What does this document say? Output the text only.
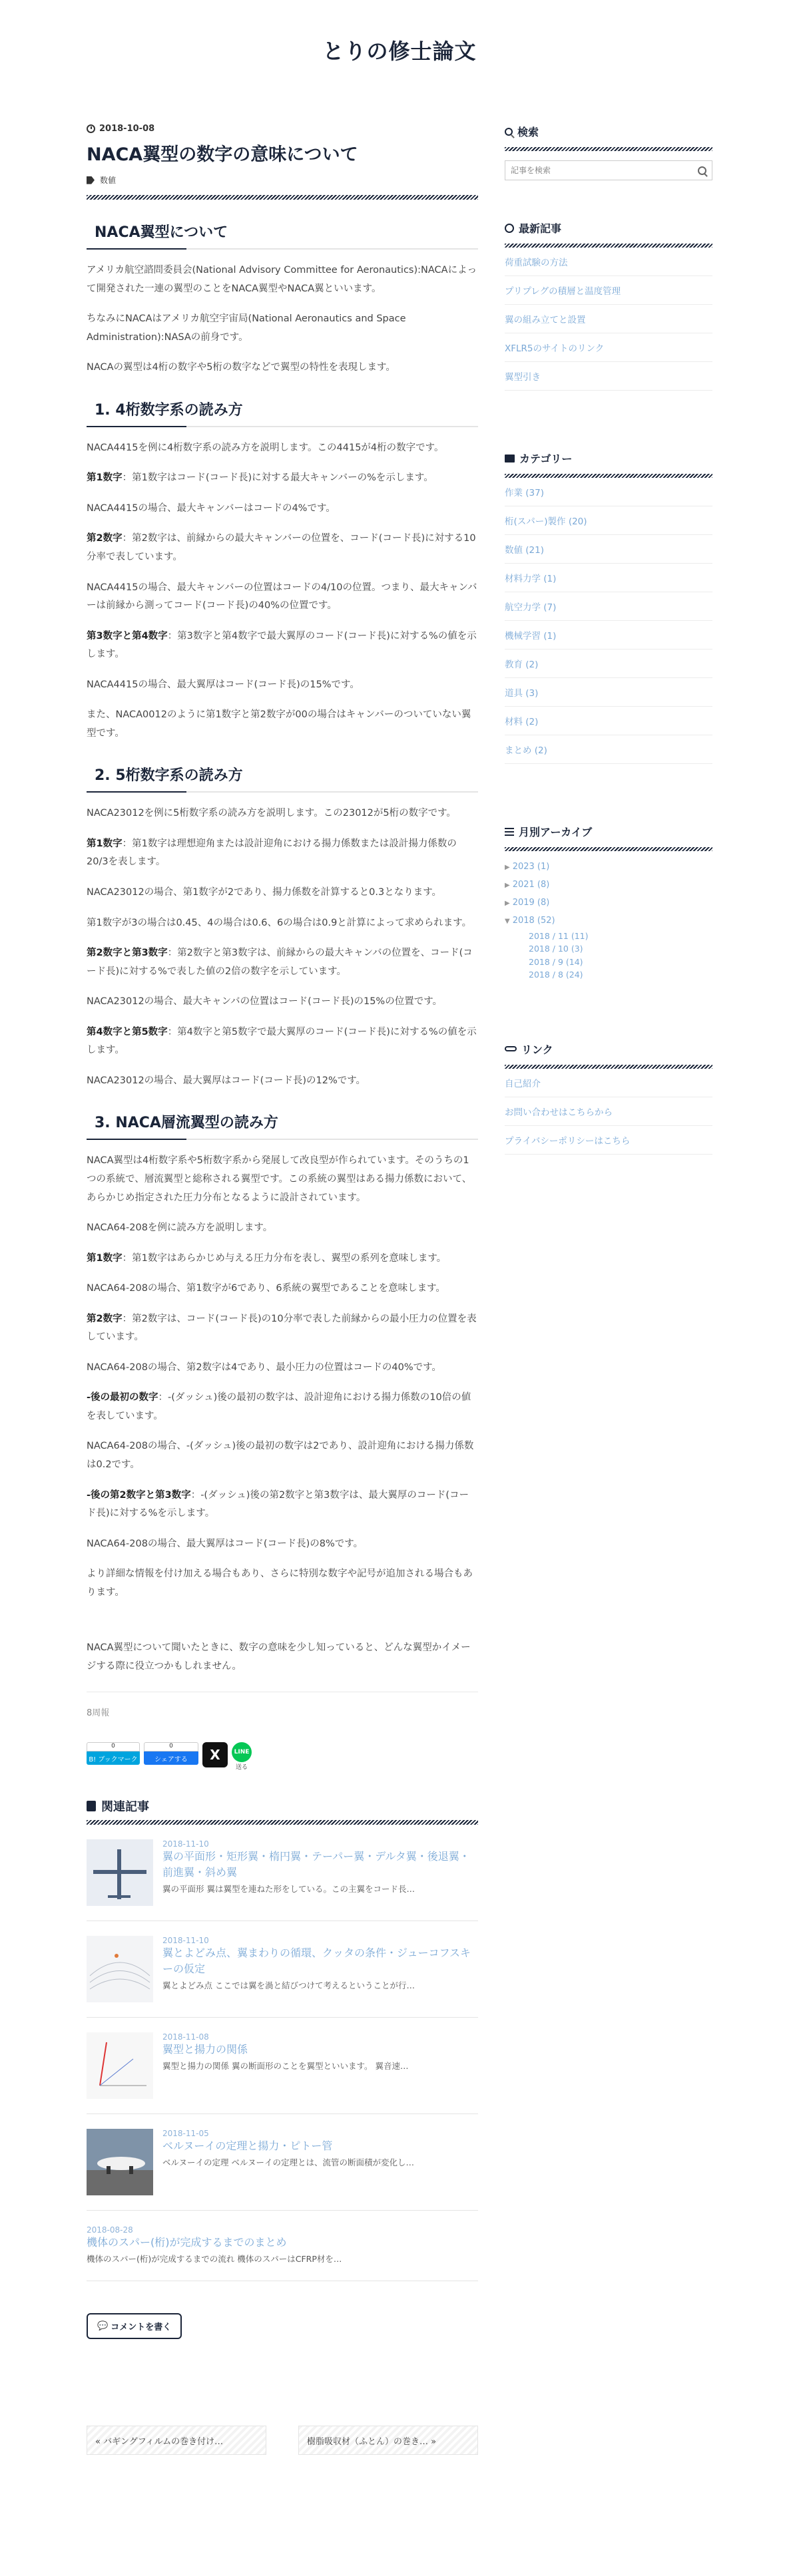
とりの修士論文
2018-10-08
NACA翼型の数字の意味について
数値
NACA翼型について

アメリカ航空諮問委員会(National Advisory Committee for Aeronautics):NACAによって開発された一連の翼型のことをNACA翼型やNACA翼といいます。

ちなみにNACAはアメリカ航空宇宙局(National Aeronautics and Space Administration):NASAの前身です。

NACAの翼型は4桁の数字や5桁の数字などで翼型の特性を表現します。

1. 4桁数字系の読み方

NACA4415を例に4桁数字系の読み方を説明します。この4415が4桁の数字です。

第1数字：第1数字はコード(コード長)に対する最大キャンバーの%を示します。

NACA4415の場合、最大キャンバーはコードの4%です。

第2数字：第2数字は、前縁からの最大キャンバーの位置を、コード(コード長)に対する10分率で表しています。

NACA4415の場合、最大キャンバーの位置はコードの4/10の位置。つまり、最大キャンバーは前縁から測ってコード(コード長)の40%の位置です。

第3数字と第4数字：第3数字と第4数字で最大翼厚のコード(コード長)に対する%の値を示します。

NACA4415の場合、最大翼厚はコード(コード長)の15%です。

また、NACA0012のように第1数字と第2数字が00の場合はキャンバーのついていない翼型です。

2. 5桁数字系の読み方

NACA23012を例に5桁数字系の読み方を説明します。この23012が5桁の数字です。

第1数字：第1数字は理想迎角または設計迎角における揚力係数または設計揚力係数の20/3を表します。

NACA23012の場合、第1数字が2であり、揚力係数を計算すると0.3となります。

第1数字が3の場合は0.45、4の場合は0.6、6の場合は0.9と計算によって求められます。

第2数字と第3数字：第2数字と第3数字は、前縁からの最大キャンバの位置を、コード(コード長)に対する%で表した値の2倍の数字を示しています。

NACA23012の場合、最大キャンバの位置はコード(コード長)の15%の位置です。

第4数字と第5数字：第4数字と第5数字で最大翼厚のコード(コード長)に対する%の値を示します。

NACA23012の場合、最大翼厚はコード(コード長)の12%です。

3. NACA層流翼型の読み方

NACA翼型は4桁数字系や5桁数字系から発展して改良型が作られています。そのうちの1つの系統で、層流翼型と総称される翼型です。この系統の翼型はある揚力係数において、あらかじめ指定された圧力分布となるように設計されています。

NACA64-208を例に読み方を説明します。

第1数字：第1数字はあらかじめ与える圧力分布を表し、翼型の系列を意味します。

NACA64-208の場合、第1数字が6であり、6系統の翼型であることを意味します。

第2数字：第2数字は、コード(コード長)の10分率で表した前縁からの最小圧力の位置を表しています。

NACA64-208の場合、第2数字は4であり、最小圧力の位置はコードの40%です。

-後の最初の数字：-(ダッシュ)後の最初の数字は、設計迎角における揚力係数の10倍の値を表しています。

NACA64-208の場合、-(ダッシュ)後の最初の数字は2であり、設計迎角における揚力係数は0.2です。

-後の第2数字と第3数字：-(ダッシュ)後の第2数字と第3数字は、最大翼厚のコード(コード長)に対する%を示します。

NACA64-208の場合、最大翼厚はコード(コード長)の8%です。

より詳細な情報を付け加える場合もあり、さらに特別な数字や記号が追加される場合もあります。

NACA翼型について聞いたときに、数字の意味を少し知っていると、どんな翼型かイメージする際に役立つかもしれません。

8周報
0
B! ブックマーク
0
シェアする	X	LINE
送る
関連記事
2018-11-10
翼の平面形・矩形翼・楕円翼・テーパー翼・デルタ翼・後退翼・前進翼・斜め翼
翼の平面形 翼は翼型を連ねた形をしている。この主翼をコード長…
2018-11-10
翼とよどみ点、翼まわりの循環、クッタの条件・ジューコフスキーの仮定
翼とよどみ点 ここでは翼を渦と結びつけて考えるということが行…
2018-11-08
翼型と揚力の関係
翼型と揚力の関係 翼の断面形のことを翼型といいます。 翼音速…
2018-11-05
ベルヌーイの定理と揚力・ピトー管
ベルヌーイの定理 ベルヌーイの定理とは、流管の断面積が変化し…
2018-08-28
機体のスパー(桁)が完成するまでのまとめ
機体のスパー(桁)が完成するまでの流れ 機体のスパーはCFRP材を…
💬 コメントを書く
« バギングフィルムの巻き付け…	樹脂吸収材（ふとん）の巻き… »
検索
記事を検索
最新記事
荷重試験の方法
プリプレグの積層と温度管理
翼の組み立てと設置
XFLR5のサイトのリンク
翼型引き
カテゴリー
作業 (37)
桁(スパー)製作 (20)
数値 (21)
材料力学 (1)
航空力学 (7)
機械学習 (1)
教育 (2)
道具 (3)
材料 (2)
まとめ (2)
月別アーカイブ
▶ 2023 (1)
▶ 2021 (8)
▶ 2019 (8)
▼ 2018 (52)
2018 / 11 (11)
2018 / 10 (3)
2018 / 9 (14)
2018 / 8 (24)
リンク
自己紹介
お問い合わせはこちらから
プライバシーポリシーはこちら
